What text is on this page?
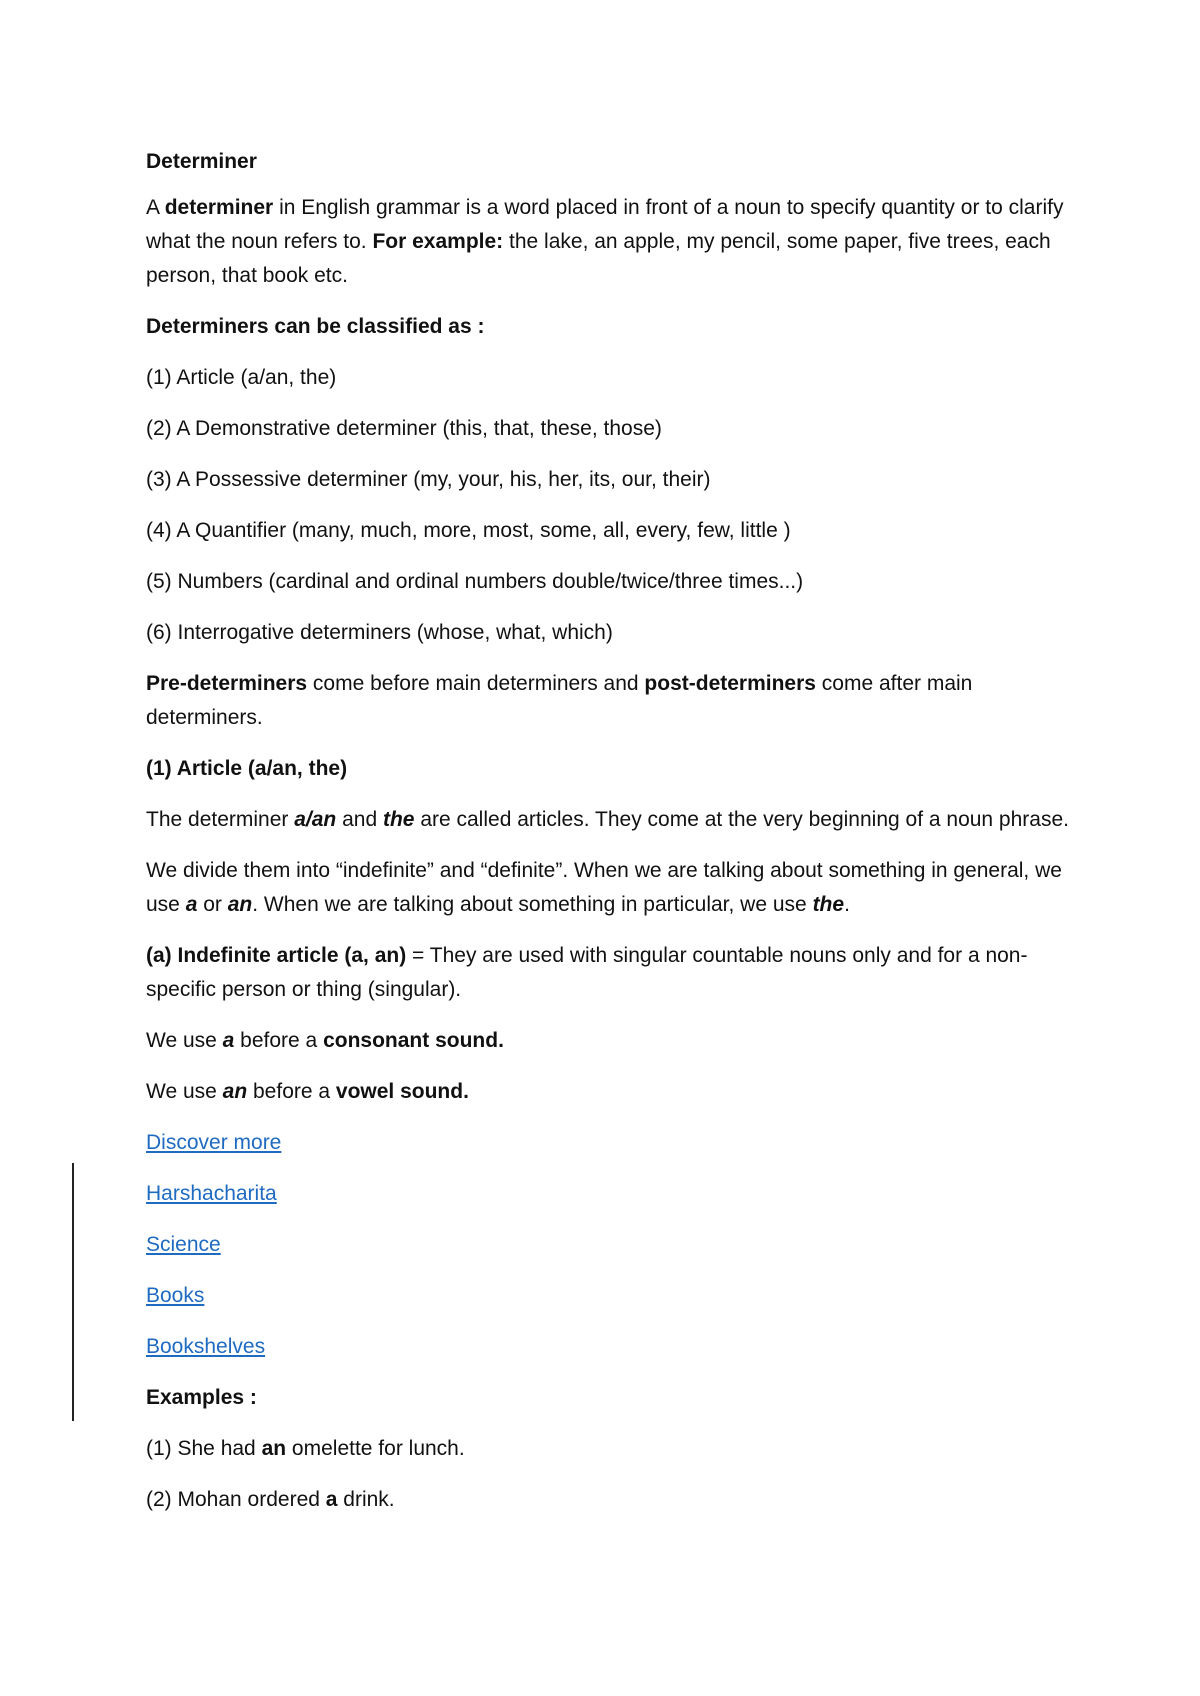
Determiner

A determiner in English grammar is a word placed in front of a noun to specify quantity or to clarify what the noun refers to. For example: the lake, an apple, my pencil, some paper, five trees, each person, that book etc.

Determiners can be classified as :

(1) Article (a/an, the)

(2) A Demonstrative determiner (this, that, these, those)

(3) A Possessive determiner (my, your, his, her, its, our, their)

(4) A Quantifier (many, much, more, most, some, all, every, few, little )

(5) Numbers (cardinal and ordinal numbers double/twice/three times...)

(6) Interrogative determiners (whose, what, which)

Pre-determiners come before main determiners and post-determiners come after main determiners.

(1) Article (a/an, the)

The determiner a/an and the are called articles. They come at the very beginning of a noun phrase.

We divide them into “indefinite” and “definite”. When we are talking about something in general, we use a or an. When we are talking about something in particular, we use the.

(a) Indefinite article (a, an) = They are used with singular countable nouns only and for a non-specific person or thing (singular).

We use a before a consonant sound.

We use an before a vowel sound.

Discover more

Harshacharita

Science

Books

Bookshelves

Examples :

(1) She had an omelette for lunch.

(2) Mohan ordered a drink.
